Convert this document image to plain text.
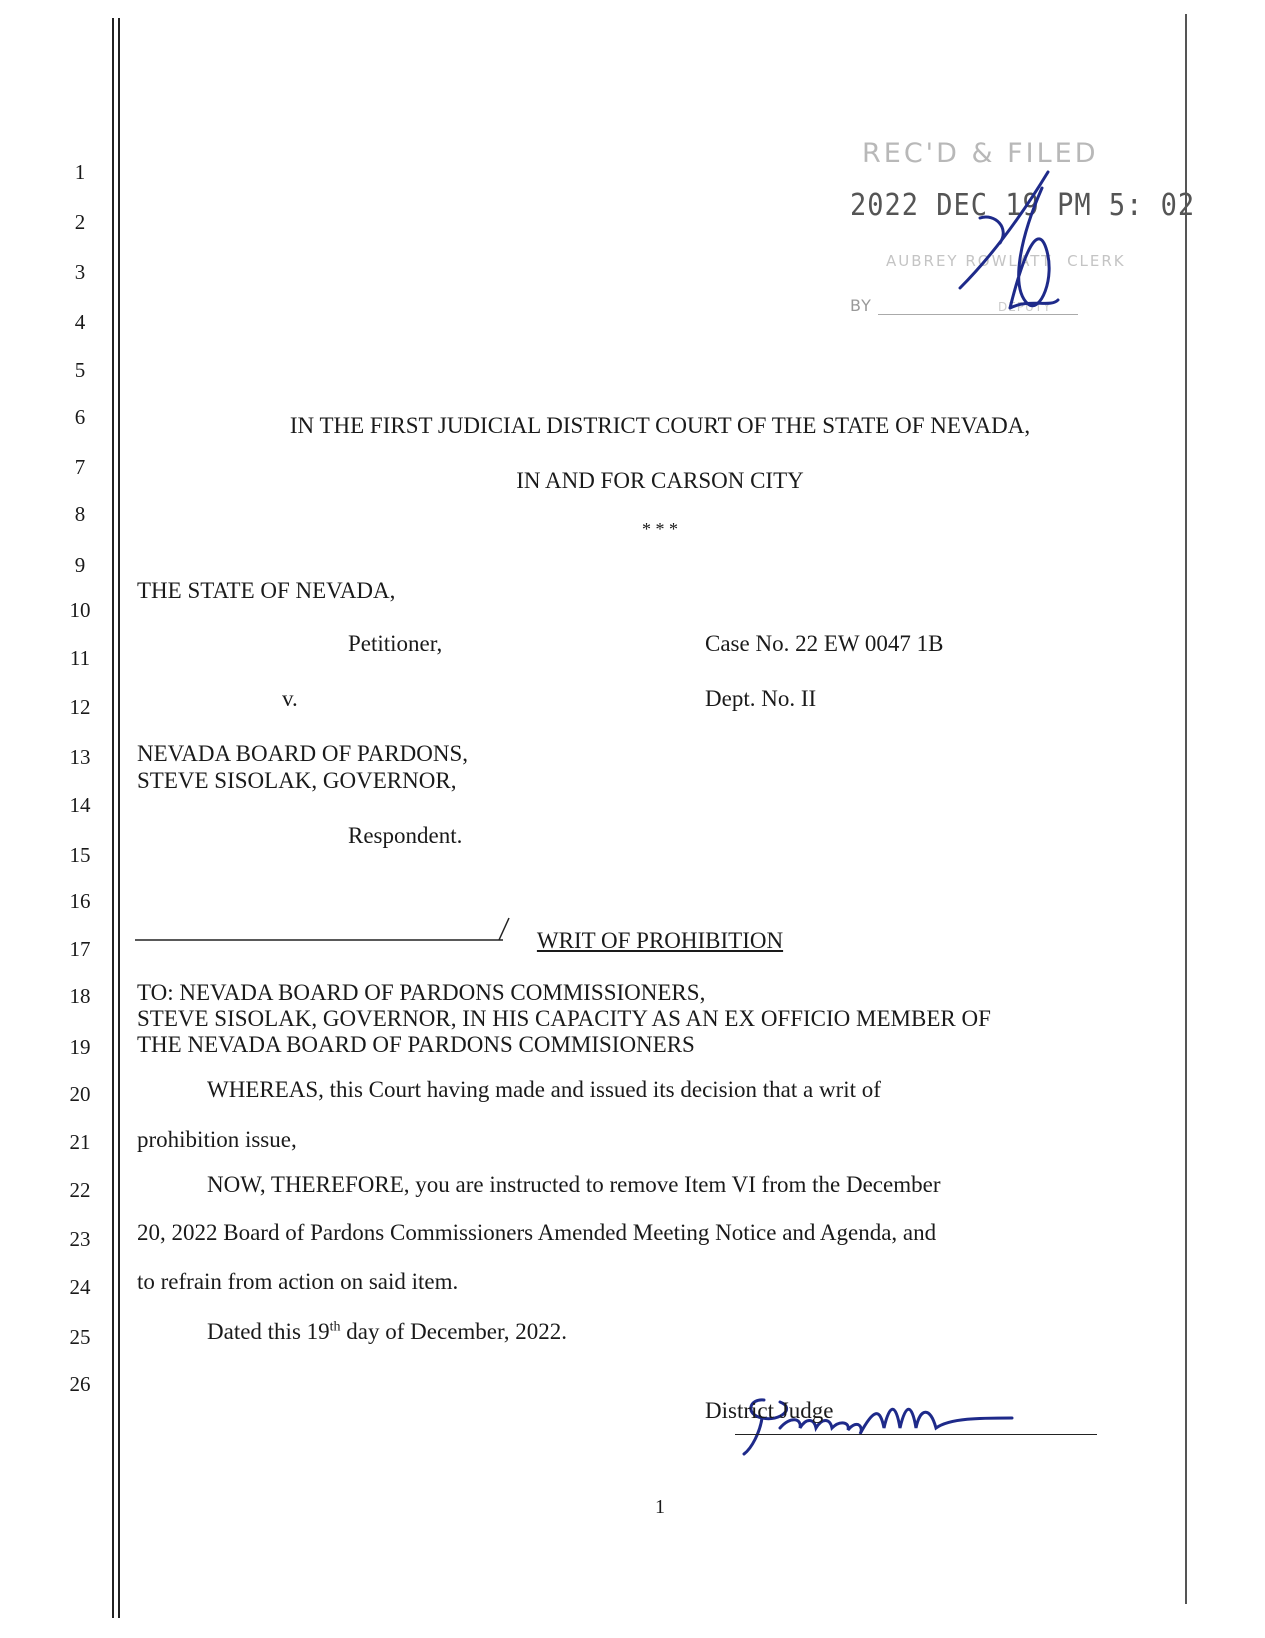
1
2
3
4
5
6
7
8
9
10
11
12
13
14
15
16
17
18
19
20
21
22
23
24
25
26
REC'D & FILED
2022 DEC 19 PM 5: 02
AUBREY ROWLATT CLERK
BY	DEPUTY
IN THE FIRST JUDICIAL DISTRICT COURT OF THE STATE OF NEVADA,
IN AND FOR CARSON CITY
* * *
THE STATE OF NEVADA,
Petitioner,	Case No. 22 EW 0047 1B
v.	Dept. No. II
NEVADA BOARD OF PARDONS,
STEVE SISOLAK, GOVERNOR,
Respondent.
WRIT OF PROHIBITION
TO: NEVADA BOARD OF PARDONS COMMISSIONERS,
STEVE SISOLAK, GOVERNOR, IN HIS CAPACITY AS AN EX OFFICIO MEMBER OF
THE NEVADA BOARD OF PARDONS COMMISIONERS
WHEREAS, this Court having made and issued its decision that a writ of
prohibition issue,
NOW, THEREFORE, you are instructed to remove Item VI from the December
20, 2022 Board of Pardons Commissioners Amended Meeting Notice and Agenda, and
to refrain from action on said item.
Dated this 19th day of December, 2022.
District Judge
1
